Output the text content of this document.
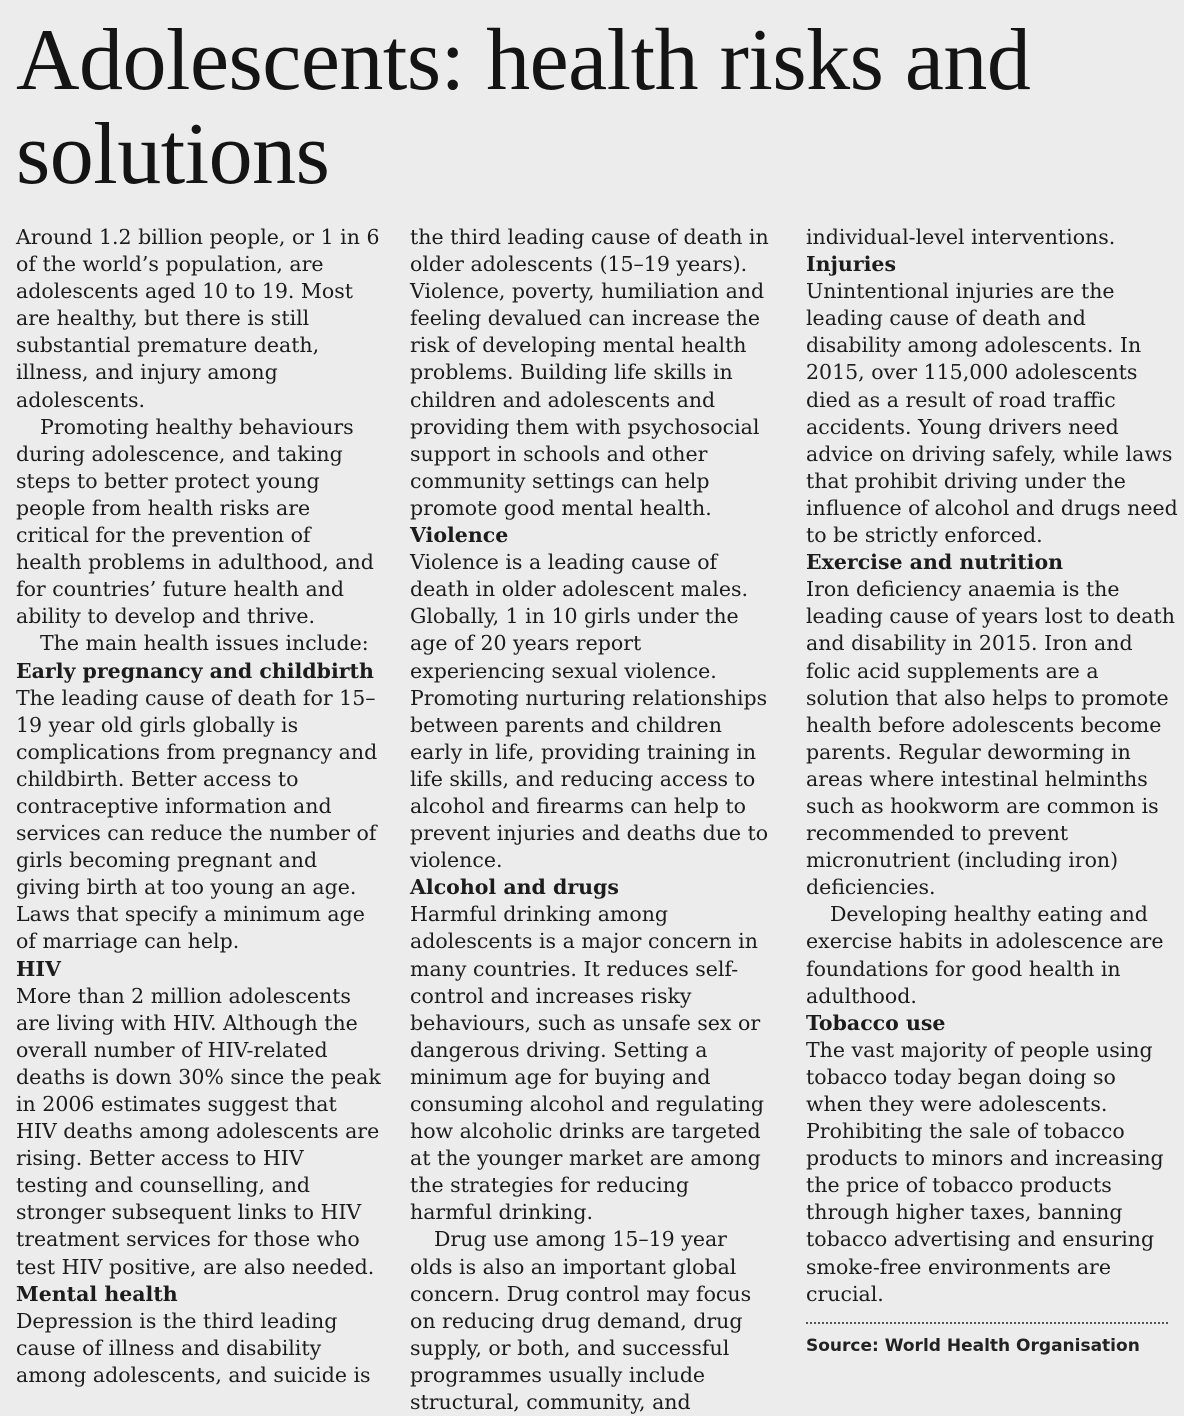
Adolescents: health risks and solutions

Around 1.2 billion people, or 1 in 6 of the world’s population, are adolescents aged 10 to 19. Most are healthy, but there is still substantial premature death, illness, and injury among adolescents.

Promoting healthy behaviours during adolescence, and taking steps to better protect young people from health risks are critical for the prevention of health problems in adulthood, and for countries’ future health and ability to develop and thrive.

The main health issues include:

Early pregnancy and childbirth

The leading cause of death for 15–19 year old girls globally is complications from pregnancy and childbirth. Better access to contraceptive information and services can reduce the number of girls becoming pregnant and giving birth at too young an age. Laws that specify a minimum age of marriage can help.

HIV

More than 2 million adolescents are living with HIV. Although the overall number of HIV-related deaths is down 30% since the peak in 2006 estimates suggest that HIV deaths among adolescents are rising. Better access to HIV testing and counselling, and stronger subsequent links to HIV treatment services for those who test HIV positive, are also needed.

Mental health

Depression is the third leading cause of illness and disability among adolescents, and suicide is

the third leading cause of death in older adolescents (15–19 years). Violence, poverty, humiliation and feeling devalued can increase the risk of developing mental health problems. Building life skills in children and adolescents and providing them with psychosocial support in schools and other community settings can help promote good mental health.

Violence

Violence is a leading cause of death in older adolescent males. Globally, 1 in 10 girls under the age of 20 years report experiencing sexual violence. Promoting nurturing relationships between parents and children early in life, providing training in life skills, and reducing access to alcohol and firearms can help to prevent injuries and deaths due to violence.

Alcohol and drugs

Harmful drinking among adolescents is a major concern in many countries. It reduces self-control and increases risky behaviours, such as unsafe sex or dangerous driving. Setting a minimum age for buying and consuming alcohol and regulating how alcoholic drinks are targeted at the younger market are among the strategies for reducing harmful drinking.

Drug use among 15–19 year olds is also an important global concern. Drug control may focus on reducing drug demand, drug supply, or both, and successful programmes usually include structural, community, and

individual-level interventions.

Injuries

Unintentional injuries are the leading cause of death and disability among adolescents. In 2015, over 115,000 adolescents died as a result of road traffic accidents. Young drivers need advice on driving safely, while laws that prohibit driving under the influence of alcohol and drugs need to be strictly enforced.

Exercise and nutrition

Iron deficiency anaemia is the leading cause of years lost to death and disability in 2015. Iron and folic acid supplements are a solution that also helps to promote health before adolescents become parents. Regular deworming in areas where intestinal helminths such as hookworm are common is recommended to prevent micronutrient (including iron) deficiencies.

Developing healthy eating and exercise habits in adolescence are foundations for good health in adulthood.

Tobacco use

The vast majority of people using tobacco today began doing so when they were adolescents. Prohibiting the sale of tobacco products to minors and increasing the price of tobacco products through higher taxes, banning tobacco advertising and ensuring smoke-free environments are crucial.

Source: World Health Organisation
